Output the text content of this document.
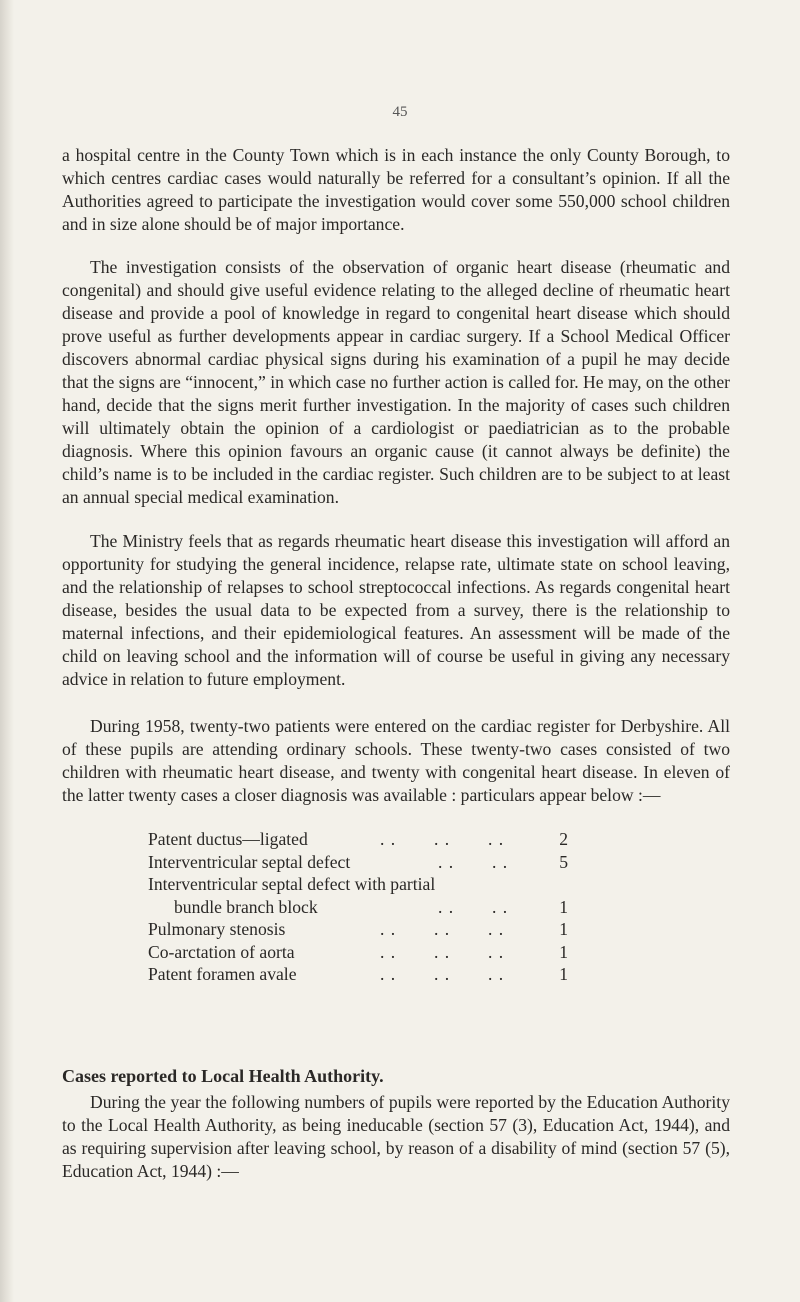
45

a hospital centre in the County Town which is in each instance the only County Borough, to which centres cardiac cases would naturally be referred for a consultant’s opinion. If all the Authorities agreed to participate the investigation would cover some 550,000 school children and in size alone should be of major importance.

The investigation consists of the observation of organic heart disease (rheumatic and congenital) and should give useful evidence relating to the alleged decline of rheumatic heart disease and provide a pool of knowledge in regard to congenital heart disease which should prove useful as further developments appear in cardiac surgery. If a School Medical Officer discovers abnormal cardiac physical signs during his examination of a pupil he may decide that the signs are “innocent,” in which case no further action is called for. He may, on the other hand, decide that the signs merit further investigation. In the majority of cases such children will ultimately obtain the opinion of a cardiologist or paediatrician as to the probable diagnosis. Where this opinion favours an organic cause (it cannot always be definite) the child’s name is to be included in the cardiac register. Such children are to be subject to at least an annual special medical examination.

The Ministry feels that as regards rheumatic heart disease this investigation will afford an opportunity for studying the general incidence, relapse rate, ultimate state on school leaving, and the relationship of relapses to school streptococcal infections. As regards congenital heart disease, besides the usual data to be expected from a survey, there is the relationship to maternal infections, and their epidemiological features. An assessment will be made of the child on leaving school and the information will of course be useful in giving any necessary advice in relation to future employment.

During 1958, twenty-two patients were entered on the cardiac register for Derbyshire. All of these pupils are attending ordinary schools. These twenty-two cases consisted of two children with rheumatic heart disease, and twenty with congenital heart disease. In eleven of the latter twenty cases a closer diagnosis was available : particulars appear below :—

Patent ductus—ligated	. .       . .       . .	2
Interventricular septal defect	. .       . .	5
Interventricular septal defect with partial
bundle branch block	. .       . .	1
Pulmonary stenosis	. .       . .       . .	1
Co-arctation of aorta	. .       . .       . .	1
Patent foramen avale	. .       . .       . .	1
Cases reported to Local Health Authority.

During the year the following numbers of pupils were reported by the Education Authority to the Local Health Authority, as being ineducable (section 57 (3), Education Act, 1944), and as requiring supervision after leaving school, by reason of a disability of mind (section 57 (5), Education Act, 1944) :—
